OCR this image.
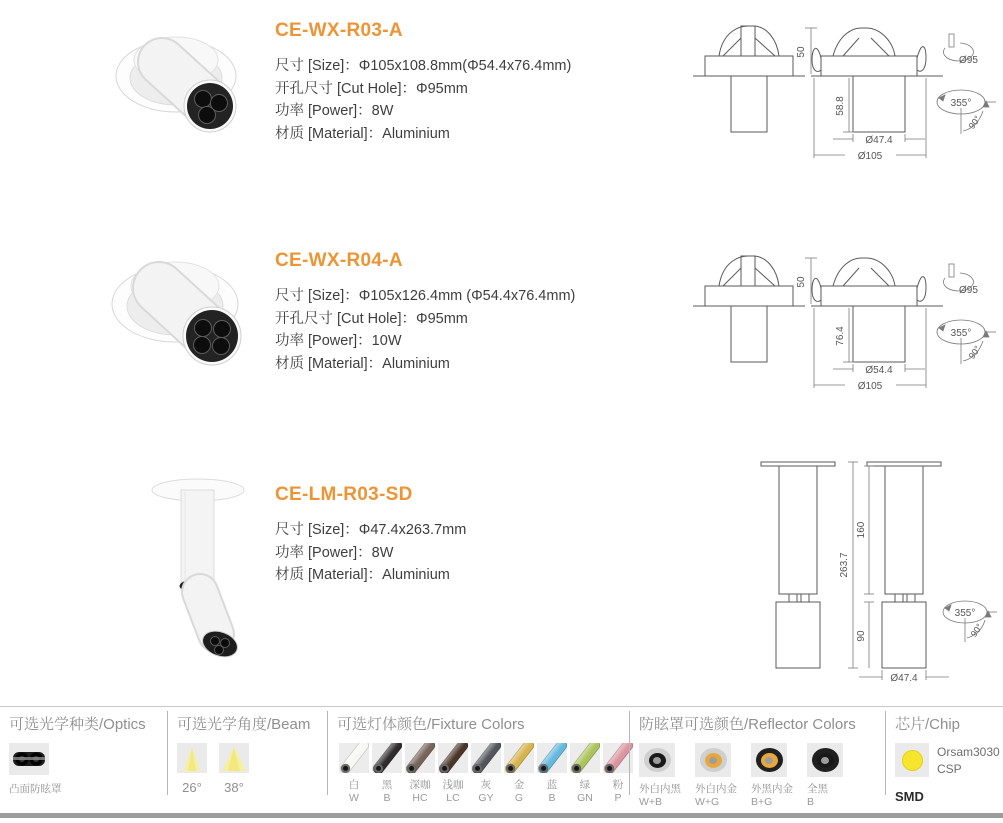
CE-WX-R03-A
尺寸 [Size]：Φ105x108.8mm(Φ54.4x76.4mm)
开孔尺寸 [Cut Hole]：Φ95mm
功率 [Power]：8W
材质 [Material]：Aluminium
50
58.8
Ø47.4
Ø105
Ø95
355°
90°
CE-WX-R04-A
尺寸 [Size]：Φ105x126.4mm (Φ54.4x76.4mm)
开孔尺寸 [Cut Hole]：Φ95mm
功率 [Power]：10W
材质 [Material]：Aluminium
50
76.4
Ø54.4
Ø105
Ø95
355°
90°
CE-LM-R03-SD
尺寸 [Size]：Φ47.4x263.7mm
功率 [Power]：8W
材质 [Material]：Aluminium	263.7
160
90
Ø47.4
355°
90°
可选光学种类/Optics
凸面防眩罩
可选光学角度/Beam
26° 38°
可选灯体颜色/Fixture Colors
白
W
黑
B
深咖
HC
浅咖
LC
灰
GY
金
G
蓝
B
绿
GN
粉
P
防眩罩可选颜色/Reflector Colors
外白内黑
W+B
外白内金
W+G
外黑内金
B+G
全黑
B
芯片/Chip
Orsam3030
CSP
SMD
